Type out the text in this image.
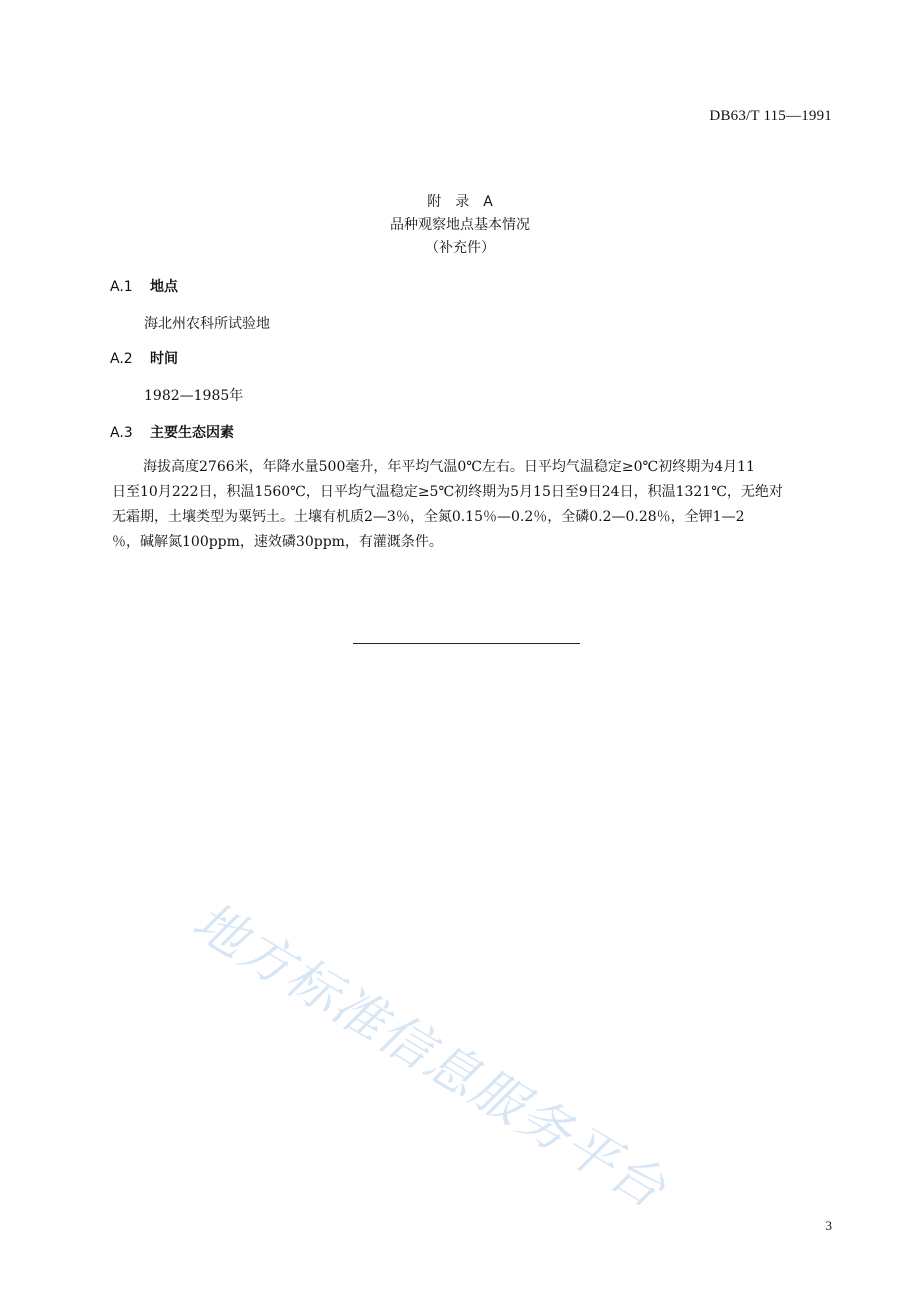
DB63/T 115—1991
附　录　A
品种观察地点基本情况
（补充件）
A.1 地点
海北州农科所试验地
A.2 时间
1982—1985年
A.3 主要生态因素
海拔高度2766米，年降水量500毫升，年平均气温0℃左右。日平均气温稳定≥0℃初终期为4月11
日至10月222日，积温1560℃，日平均气温稳定≥5℃初终期为5月15日至9日24日，积温1321℃，无绝对
无霜期，土壤类型为粟钙土。土壤有机质2—3％，全氮0.15％—0.2％，全磷0.2—0.28％，全钾1—2
％，碱解氮100ppm，速效磷30ppm，有灌溉条件。
地方标准信息服务平台
3
